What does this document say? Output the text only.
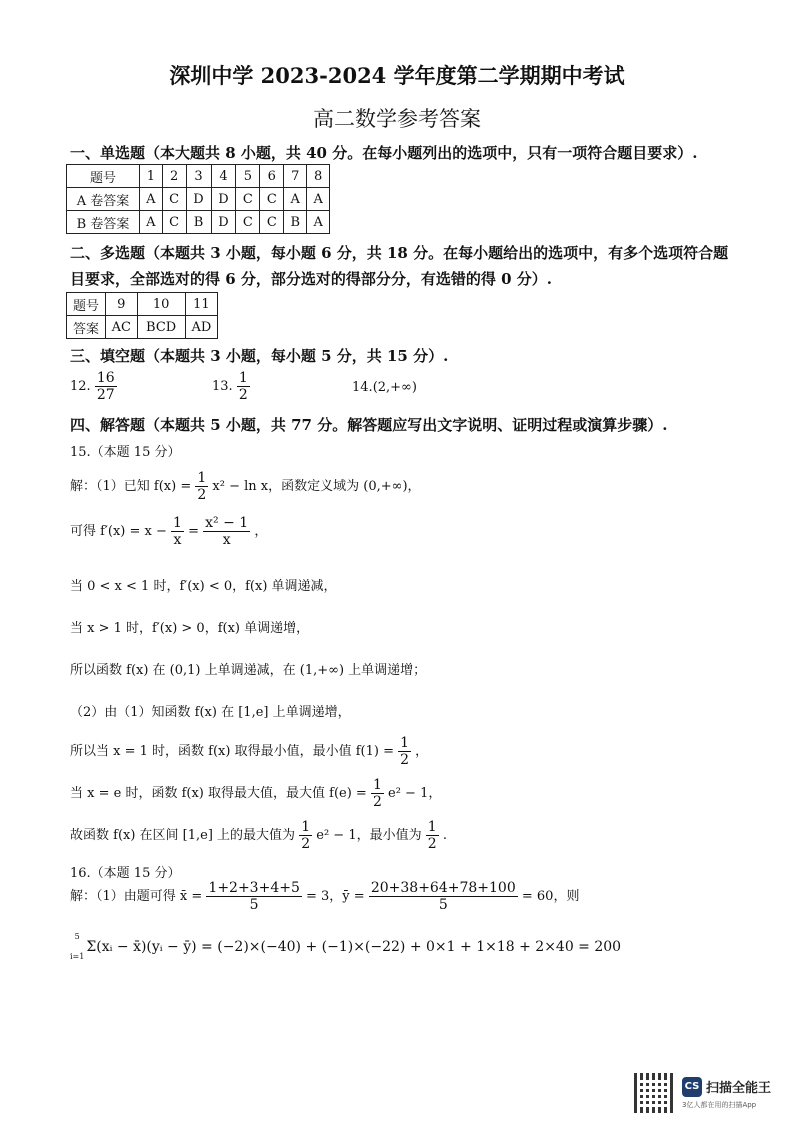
深圳中学 2023-2024 学年度第二学期期中考试
高二数学参考答案
一、单选题（本大题共 8 小题，共 40 分。在每小题列出的选项中，只有一项符合题目要求）.
题号	1	2	3	4	5	6	7	8
A 卷答案	A	C	D	D	C	C	A	A
B 卷答案	A	C	B	D	C	C	B	A
二、多选题（本题共 3 小题，每小题 6 分，共 18 分。在每小题给出的选项中，有多个选项符合题目要求，全部选对的得 6 分，部分选对的得部分分，有选错的得 0 分）.
题号	9	10	11
答案	AC	BCD	AD
三、填空题（本题共 3 小题，每小题 5 分，共 15 分）.
12. $\frac{16}{27}$	13. $\frac{1}{2}$	14.(2,+∞)
四、解答题（本题共 5 小题，共 77 分。解答题应写出文字说明、证明过程或演算步骤）.
15.（本题 15 分）
解：（1）已知 $f(x) = \frac{1}{2} x^2 - \ln x$，函数定义域为 (0,+∞)，
可得 $f'(x) = x - \frac{1}{x} = \frac{\text{x² − 1}}{x}$ ，
当 0 < x < 1 时，f′(x) < 0，f(x) 单调递减，
当 x > 1 时，f′(x) > 0，f(x) 单调递增，
所以函数 f(x) 在 (0,1) 上单调递减，在 (1,+∞) 上单调递增；
（2）由（1）知函数 f(x) 在 [1,e] 上单调递增，
所以当 x = 1 时，函数 f(x) 取得最小值，最小值 $f(1) = \frac{1}{2}$ ，
当 x = e 时，函数 f(x) 取得最大值，最大值 $f(e) = \frac{1}{2} e^2 - 1$，
故函数 f(x) 在区间 [1,e] 上的最大值为 $\frac{1}{2} e^2 - 1$，最小值为 $\frac{1}{2}$ .
16.（本题 15 分）
解：（1）由题可得 x̄ = $\frac{1+2+3+4+5}{5} = 3$，ȳ = $\frac{20+38+64+78+100}{5} = 60$，则
5

i=1
Σ(xᵢ − x̄)(yᵢ − ȳ) = (−2)×(−40) + (−1)×(−22) + 0×1 + 1×18 + 2×40 = 200
CS 扫描全能王
3亿人都在用的扫描App
